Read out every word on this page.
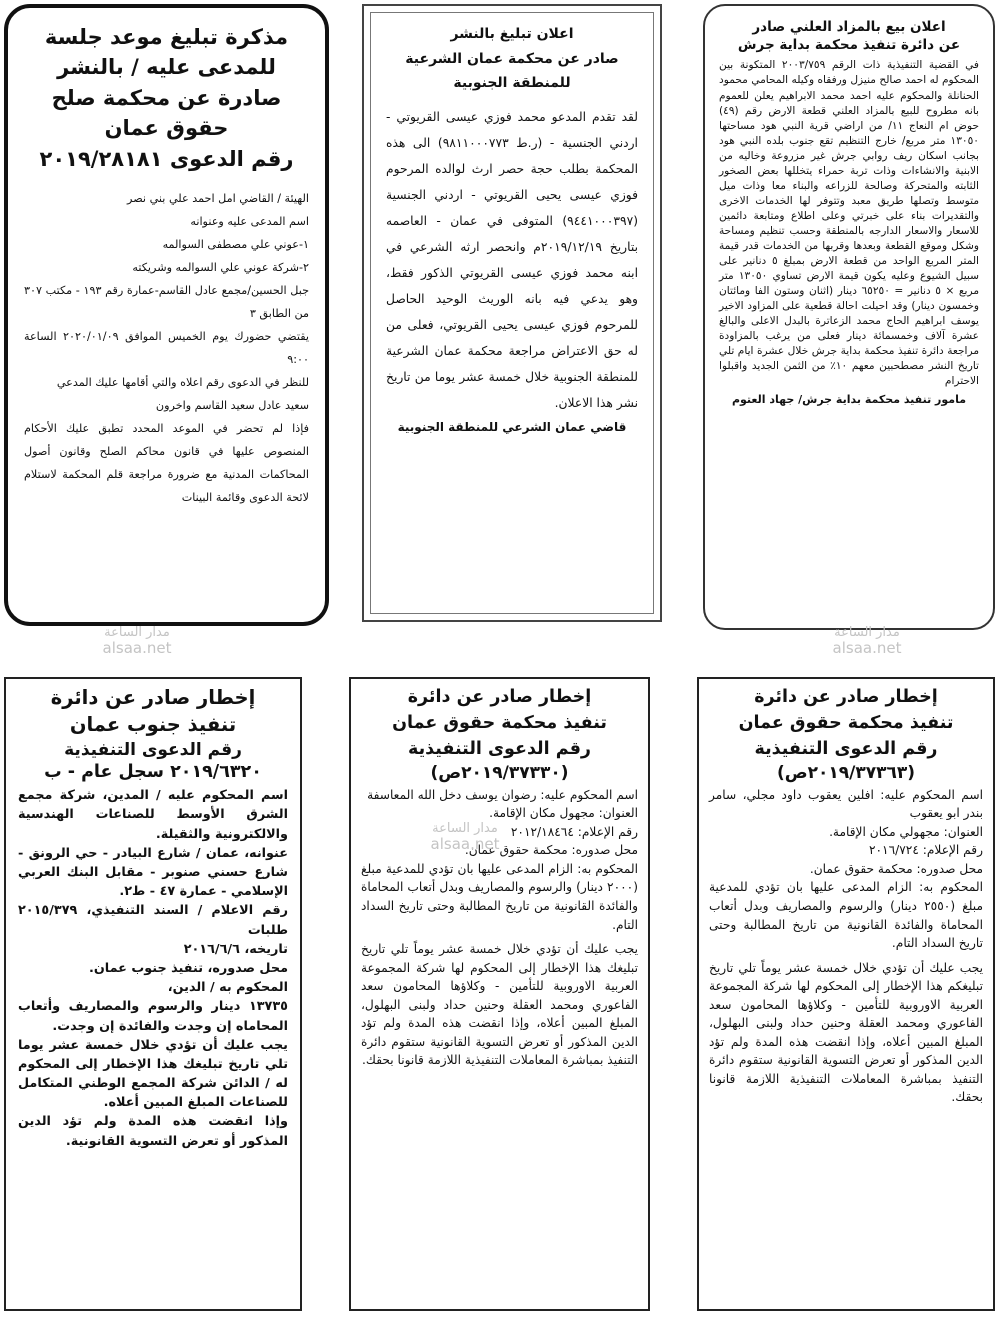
اعلان بيع بالمزاد العلني صادر
عن دائرة تنفيذ محكمة بداية جرش

في القضية التنفيذية ذات الرقم ٢٠٠٣/٧٥٩ المتكونة بين المحكوم له احمد صالح منيزل ورفقاه وكيله المحامي محمود الحنانلة والمحكوم عليه احمد محمد الابراهيم يعلن للعموم بانه مطروح للبيع بالمزاد العلني قطعة الارض رقم (٤٩) حوض ام النعاج ١١/ من اراضي قرية النبي هود مساحتها ١٣٠٥٠ متر مربع/ خارج التنظيم تقع جنوب بلده النبي هود بجانب اسكان ريف روابي جرش غير مزروعة وخاليه من الابنية والانشاءات وذات تربة حمراء يتخللها بعض الصخور الثابته والمتحركة وصالحة للزراعه والبناء معا وذات ميل متوسط وتصلها طريق معبد وتتوفر لها الخدمات الاخرى والتقديرات بناء على خبرتي وعلى اطلاع ومتابعة دائمين للاسعار والاسعار الدارجه بالمنطقة وحسب تنظيم ومساحة وشكل وموقع القطعة وبعدها وقربها من الخدمات قدر قيمة المتر المربع الواحد من قطعة الارض بمبلغ ٥ دنانير على سبيل الشيوع وعليه يكون قيمة الارض تساوي ١٣٠٥٠ متر مربع × ٥ دنانير = ٦٥٢٥٠ دينار (اثنان وستون الفا ومائتان وخمسون دينار) وقد احيلت احالة قطعية على المزاود الاخير يوسف ابراهيم الحاج محمد الزعاترة بالبدل الاعلى والبالغ عشرة آلاف وخمسمائة دينار فعلى من يرغب بالمزاودة مراجعة دائرة تنفيذ محكمة بداية جرش خلال عشرة ايام تلي تاريخ النشر مصطحبين معهم ١٠٪ من الثمن الجديد واقبلوا الاحترام

مامور تنفيذ محكمة بداية جرش/ جهاد العتوم

اعلان تبليغ بالنشر
صادر عن محكمة عمان الشرعية
للمنطقة الجنوبية

لقد تقدم المدعو محمد فوزي عيسى القريوتي - اردني الجنسية - (ر.ط ٩٨١١٠٠٠٧٧٣) الى هذه المحكمة بطلب حجة حصر ارث لوالده المرحوم فوزي عيسى يحيى القريوتي - اردني الجنسية (٩٤٤١٠٠٠٣٩٧) المتوفى في عمان - العاصمه بتاريخ ٢٠١٩/١٢/١٩م وانحصر ارثه الشرعي في ابنه محمد فوزي عيسى القريوتي الذكور فقط، وهو يدعي فيه بانه الوريث الوحيد الحاصل للمرحوم فوزي عيسى يحيى القريوتي، فعلى من له حق الاعتراض مراجعة محكمة عمان الشرعية للمنطقة الجنوبية خلال خمسة عشر يوما من تاريخ نشر هذا الاعلان.

قاضي عمان الشرعي للمنطقة الجنوبية

مذكرة تبليغ موعد جلسة
للمدعى عليه / بالنشر
صادرة عن محكمة صلح حقوق عمان
رقم الدعوى ٢٠١٩/٢٨١٨١
الهيئة / القاضي امل احمد علي بني نصر
اسم المدعى عليه وعنوانه
١-عوني علي مصطفى السوالمه
٢-شركة عوني علي السوالمه وشريكته
جبل الحسين/مجمع عادل القاسم-عمارة رقم ١٩٣ - مكتب ٣٠٧ من الطابق ٣
يقتضي حضورك يوم الخميس الموافق ٢٠٢٠/٠١/٠٩ الساعة ٩:٠٠
للنظر في الدعوى رقم اعلاه والتي أقامها عليك المدعي
سعيد عادل سعيد القاسم واخرون
فإذا لم تحضر في الموعد المحدد تطبق عليك الأحكام المنصوص عليها في قانون محاكم الصلح وقانون أصول المحاكمات المدنية مع ضرورة مراجعة قلم المحكمة لاستلام لائحة الدعوى وقائمة البينات
مدار الساعة
alsaa.net
مدار الساعة
alsaa.net
إخطار صادر عن دائرة
تنفيذ محكمة حقوق عمان
رقم الدعوى التنفيذية
(٢٠١٩/٣٧٣٦٣ص)
اسم المحكوم عليه: افلين يعقوب داود مجلي، سامر بندر ابو يعقوب
العنوان: مجهولي مكان الإقامة.
رقم الإعلام: ٢٠١٦/٧٢٤
محل صدوره: محكمة حقوق عمان.
المحكوم به: الزام المدعى عليها بان تؤدي للمدعية مبلغ (٢٥٥٠ دينار) والرسوم والمصاريف وبدل أتعاب المحاماة والفائدة القانونية من تاريخ المطالبة وحتى تاريخ السداد التام.
يجب عليك أن تؤدي خلال خمسة عشر يوماً تلي تاريخ تبليغكم هذا الإخطار إلى المحكوم لها شركة المجموعة العربية الاوروبية للتأمين - وكلاؤها المحامون سعد الفاعوري ومحمد العقلة وحنين حداد ولبنى البهلول، المبلغ المبين أعلاه، وإذا انقضت هذه المدة ولم تؤد الدين المذكور أو تعرض التسوية القانونية ستقوم دائرة التنفيذ بمباشرة المعاملات التنفيذية اللازمة قانونا بحقك.
إخطار صادر عن دائرة
تنفيذ محكمة حقوق عمان
رقم الدعوى التنفيذية
(٢٠١٩/٣٧٣٣٠ص)
اسم المحكوم عليه: رضوان يوسف دخل الله المعاسفة
العنوان: مجهول مكان الإقامة.
رقم الإعلام: ٢٠١٢/١٨٤٦٤
محل صدوره: محكمة حقوق عمان.
المحكوم به: الزام المدعى عليها بان تؤدي للمدعية مبلغ (٢٠٠٠ دينار) والرسوم والمصاريف وبدل أتعاب المحاماة والفائدة القانونية من تاريخ المطالبة وحتى تاريخ السداد التام.
يجب عليك أن تؤدي خلال خمسة عشر يوماً تلي تاريخ تبليغك هذا الإخطار إلى المحكوم لها شركة المجموعة العربية الاوروبية للتأمين - وكلاؤها المحامون سعد الفاعوري ومحمد العقلة وحنين حداد ولبنى البهلول، المبلغ المبين أعلاه، وإذا انقضت هذه المدة ولم تؤد الدين المذكور أو تعرض التسوية القانونية ستقوم دائرة التنفيذ بمباشرة المعاملات التنفيذية اللازمة قانونا بحقك.
إخطار صادر عن دائرة
تنفيذ جنوب عمان
رقم الدعوى التنفيذية
٢٠١٩/٦٣٢٠ سجل عام - ب
اسم المحكوم عليه / المدين، شركة مجمع الشرق الأوسط للصناعات الهندسية والالكترونية والثقيلة.
عنوانه، عمان / شارع البيادر - حي الرونق - شارع حسني صنوبر - مقابل البنك العربي الإسلامي - عمارة ٤٧ - ط٢.
رقم الاعلام / السند التنفيذي، ٢٠١٥/٣٧٩ طلبات
تاريخه، ٢٠١٦/٦/٦
محل صدوره، تنفيذ جنوب عمان.
المحكوم به / الدين،
١٣٧٣٥ دينار والرسوم والمصاريف وأتعاب المحاماه إن وجدت والفائدة إن وجدت.
يجب عليك أن تؤدي خلال خمسة عشر يوما تلي تاريخ تبليغك هذا الإخطار إلى المحكوم له / الدائن شركة المجمع الوطني المتكامل للصناعات المبلغ المبين أعلاه.
وإذا انقضت هذه المدة ولم تؤد الدين المذكور أو تعرض التسوية القانونية.
مدار الساعة
alsaa.net
